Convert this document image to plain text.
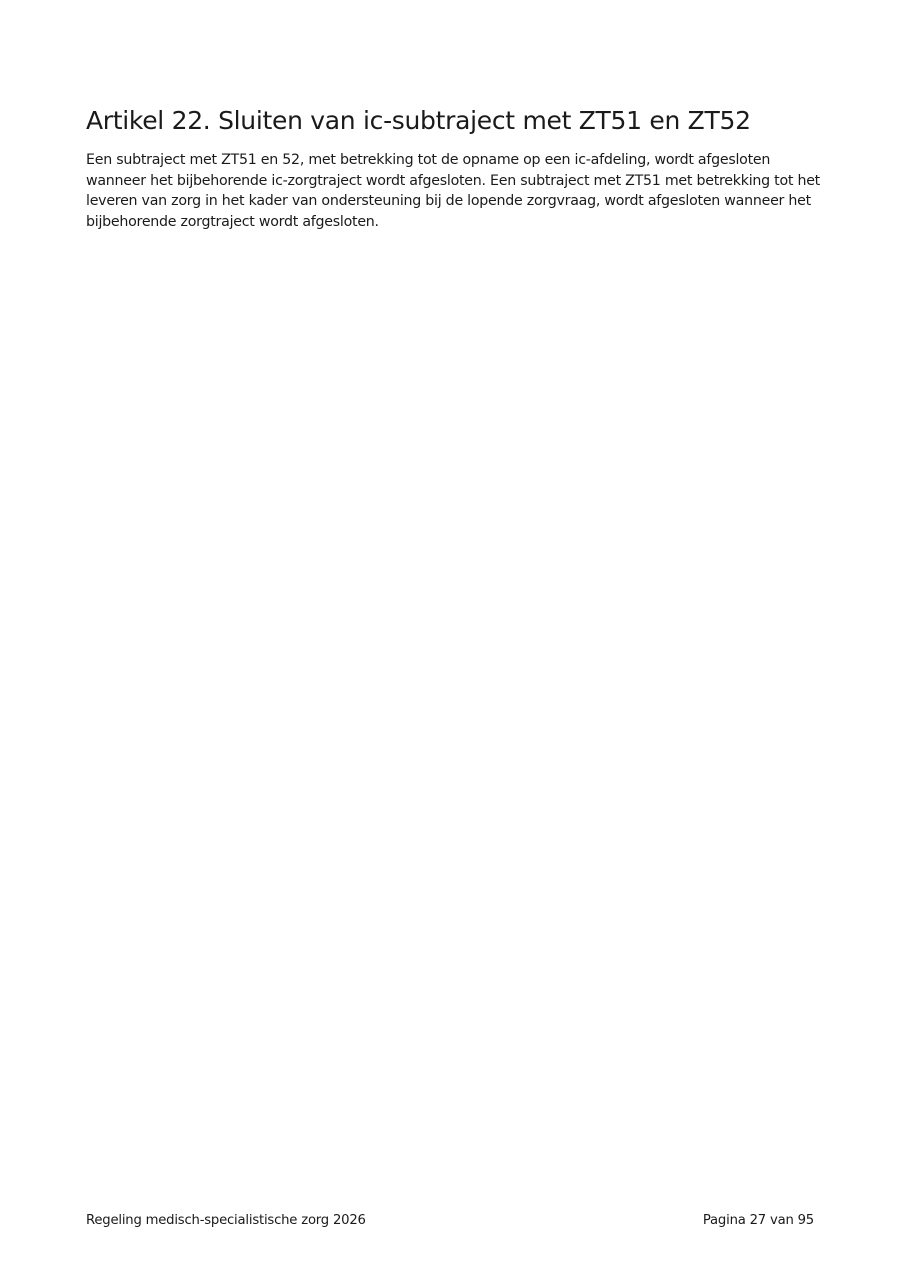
Artikel 22. Sluiten van ic-subtraject met ZT51 en ZT52

Een subtraject met ZT51 en 52, met betrekking tot de opname op een ic-afdeling, wordt afgesloten
wanneer het bijbehorende ic-zorgtraject wordt afgesloten. Een subtraject met ZT51 met betrekking tot het
leveren van zorg in het kader van ondersteuning bij de lopende zorgvraag, wordt afgesloten wanneer het
bijbehorende zorgtraject wordt afgesloten.

Regeling medisch-specialistische zorg 2026	Pagina 27 van 95
